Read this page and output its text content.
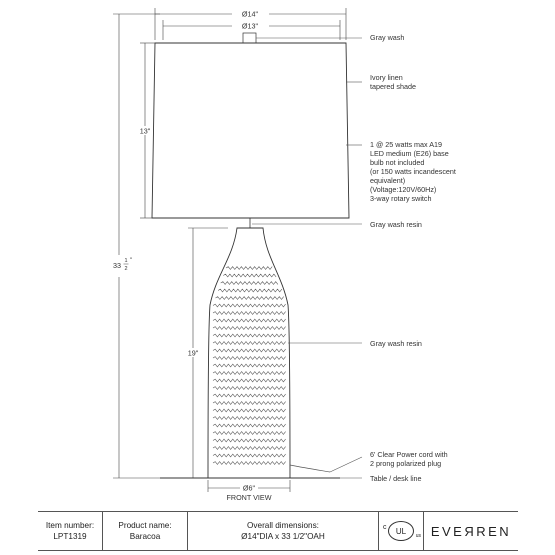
Ø14"
Ø13"
13"
33 1
2
"
19"
Ø6"
FRONT VIEW
Gray wash
Ivory linen tapered shade
1 @ 25 watts max A19 LED medium (E26) base bulb not included (or 150 watts incandescent equivalent) (Voltage:120V/60Hz) 3-way rotary switch
Gray wash resin
Gray wash resin
6' Clear Power cord with 2 prong polarized plug
Table / desk line
Item number:
LPT1319
Product name:
Baracoa
Overall dimensions:
Ø14"DIA x 33 1/2"OAH
c UL
us EVEЯREN
